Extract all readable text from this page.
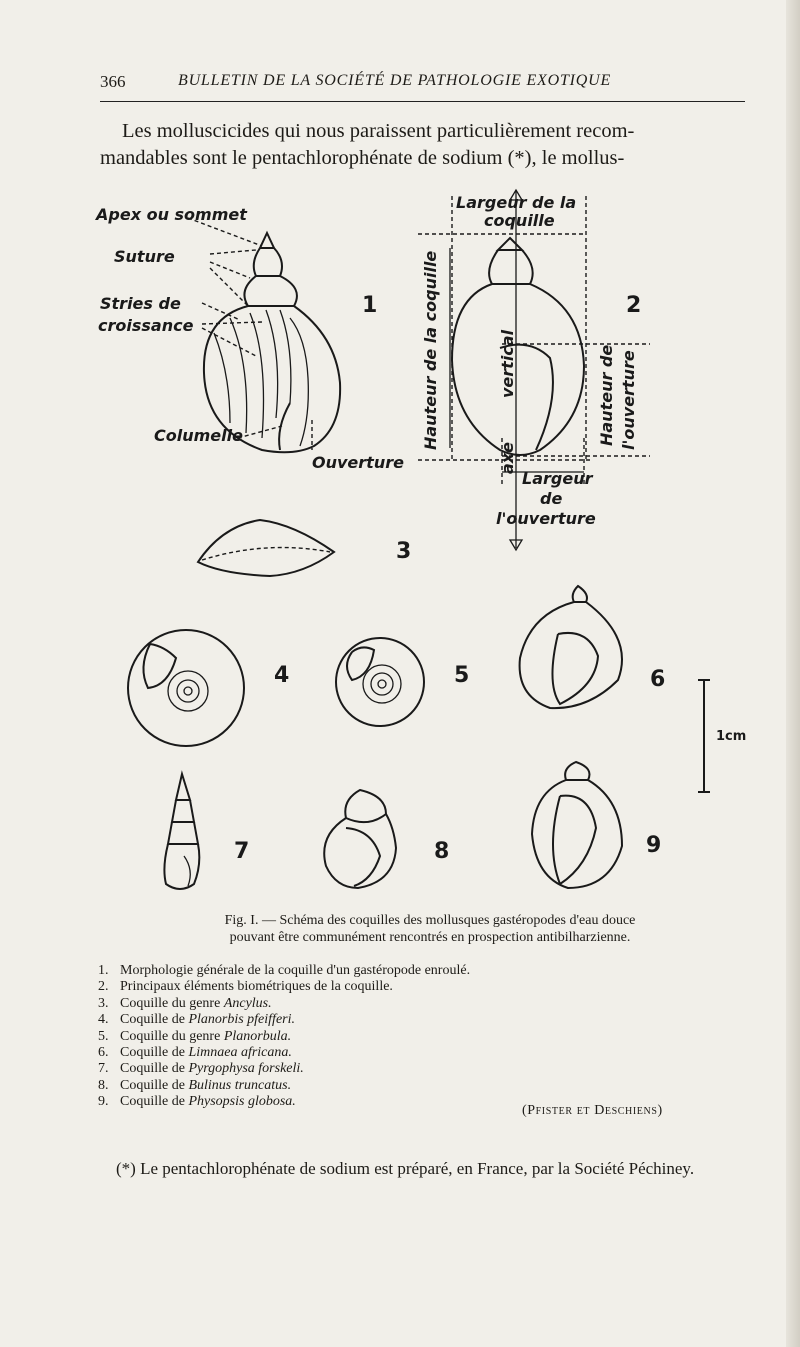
366	BULLETIN DE LA SOCIÉTÉ DE PATHOLOGIE EXOTIQUE
Les molluscicides qui nous paraissent particulièrement recom-
mandables sont le pentachlorophénate de sodium (*), le mollus-
Apex ou sommet
Suture
Stries de
croissance
Columelle
Ouverture
1
Largeur de la
coquille
Hauteur de la coquille
axe
vertical	Hauteur de l'ouverture
Largeur
de
l'ouverture
2
3
4	5	6
1cm
7	8	9
Fig. I. — Schéma des coquilles des mollusques gastéropodes d'eau douce
pouvant être communément rencontrés en prospection antibilharzienne.
1. Morphologie générale de la coquille d'un gastéropode enroulé.
2. Principaux éléments biométriques de la coquille.
3. Coquille du genre Ancylus.
4. Coquille de Planorbis pfeifferi.
5. Coquille du genre Planorbula.
6. Coquille de Limnaea africana.
7. Coquille de Pyrgophysa forskeli.
8. Coquille de Bulinus truncatus.
9. Coquille de Physopsis globosa.
(Pfister et Deschiens)
(*) Le pentachlorophénate de sodium est préparé, en France, par la Société Péchiney.
